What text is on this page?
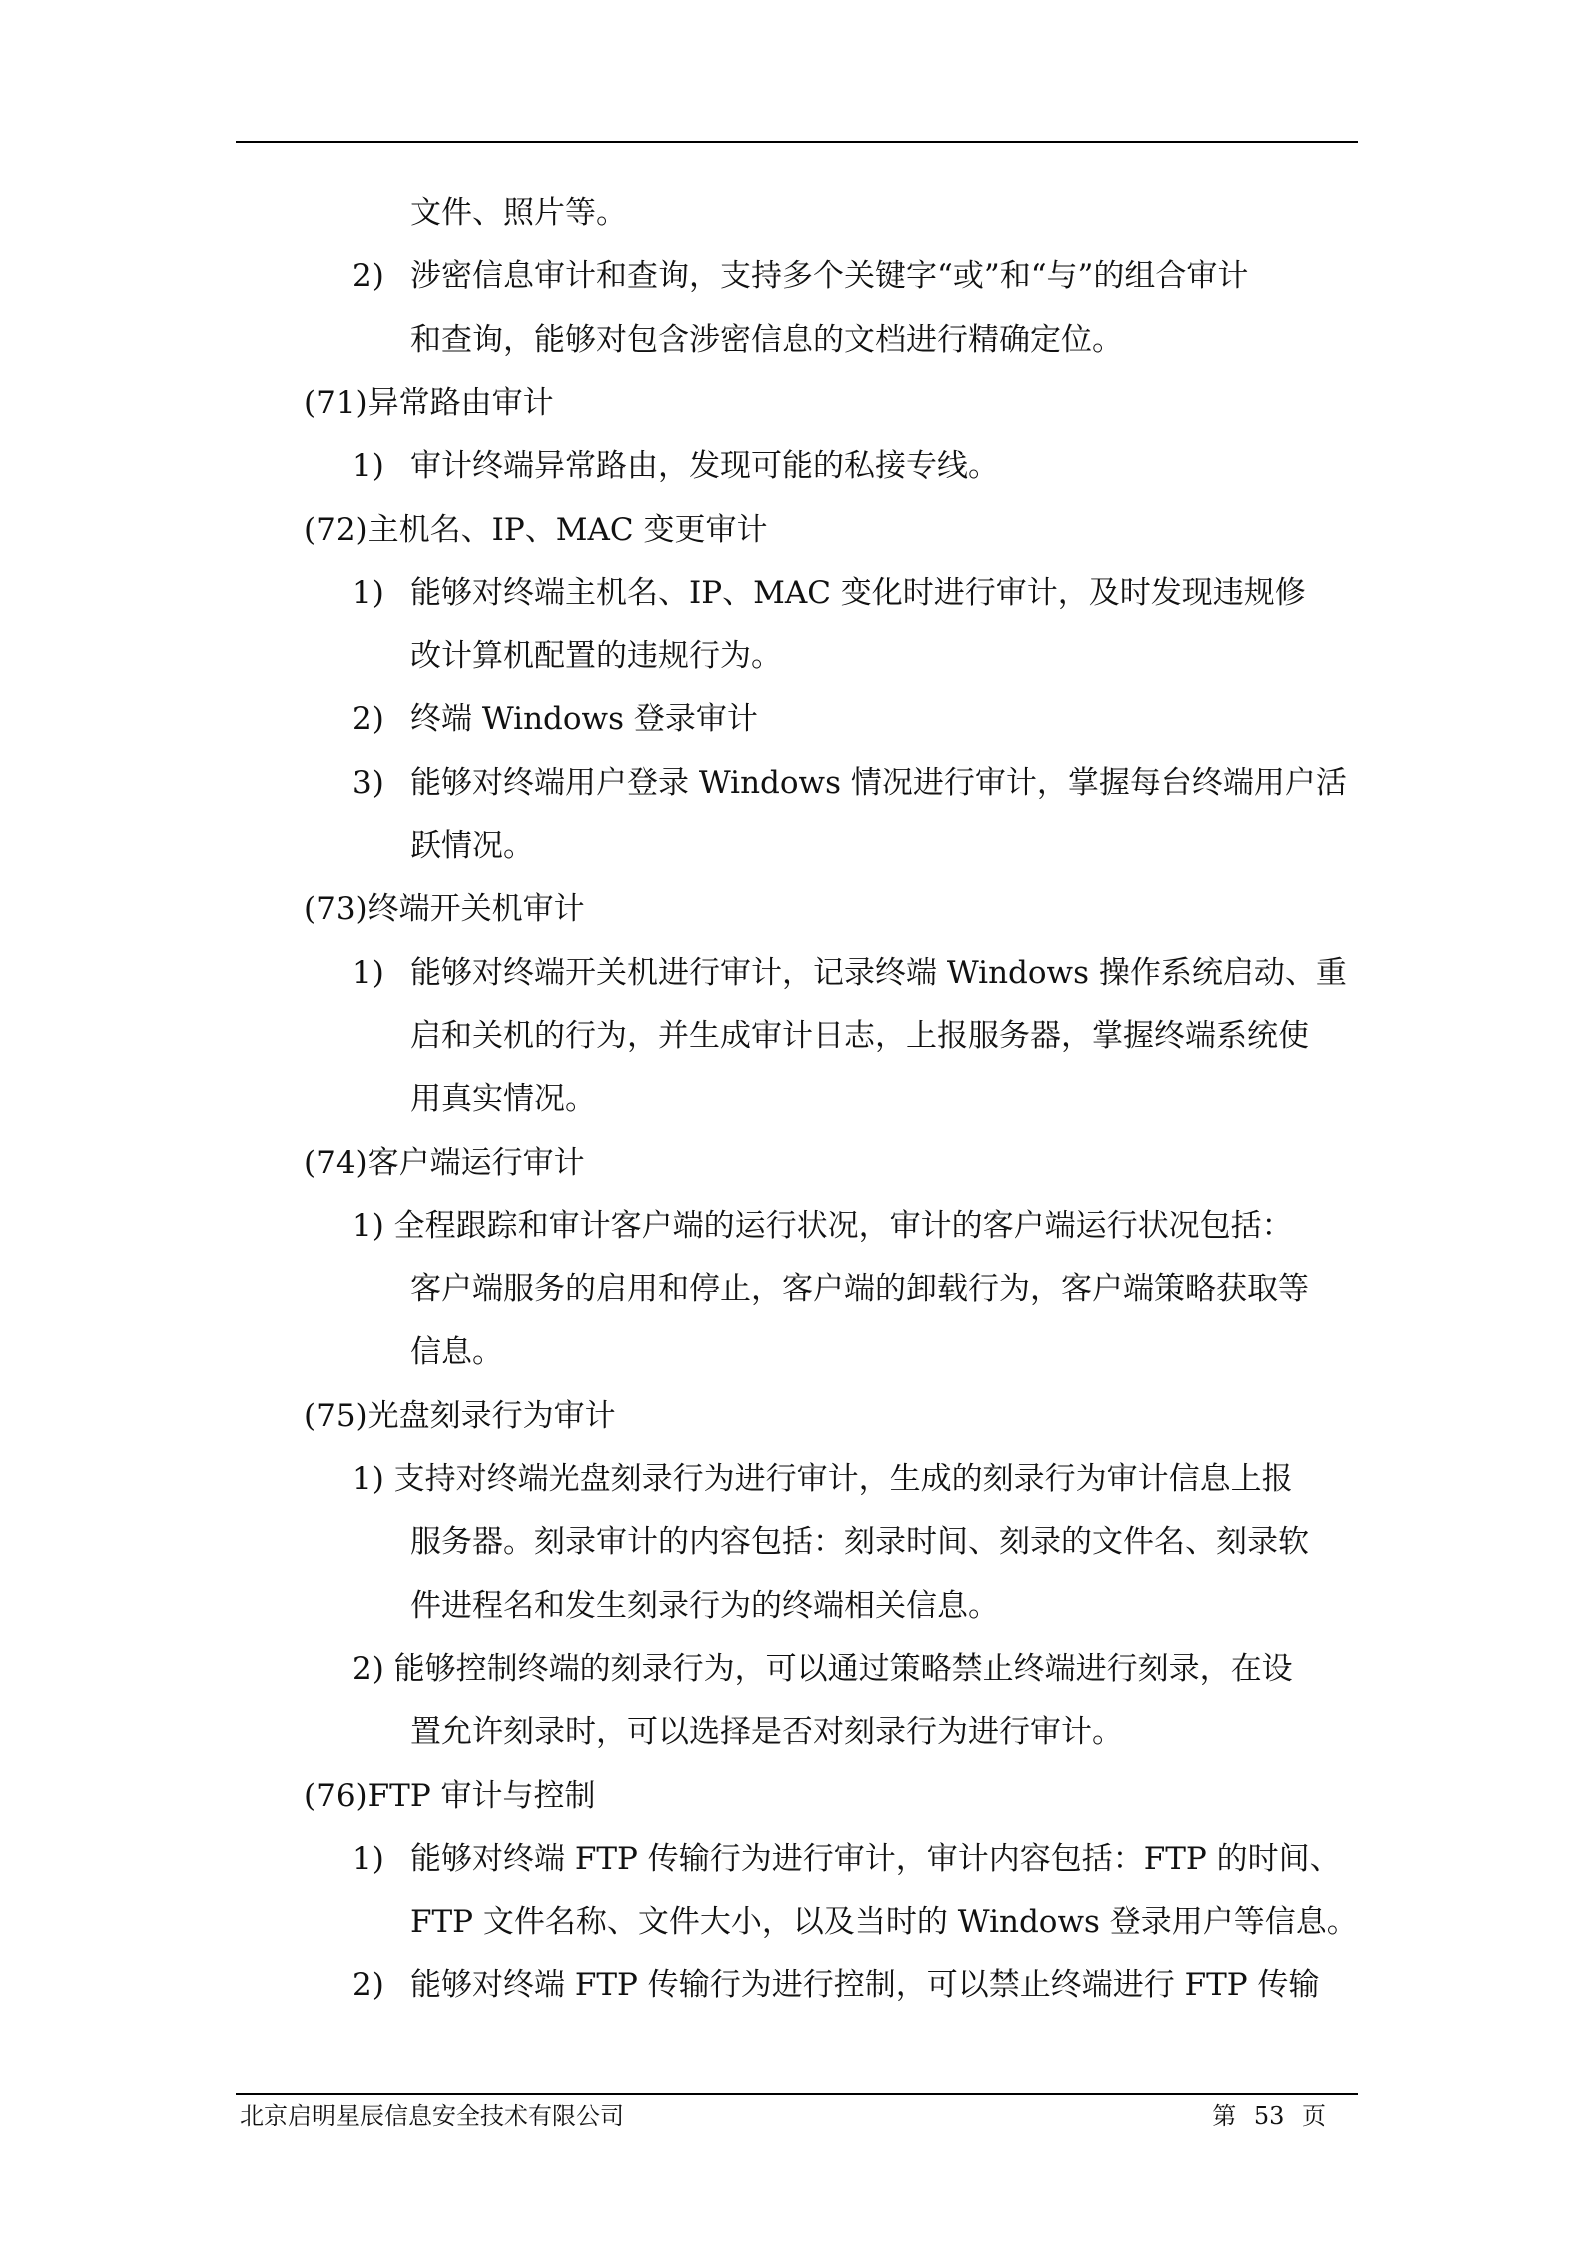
文件、照片等。
2) 涉密信息审计和查询，支持多个关键字“或”和“与”的组合审计
和查询，能够对包含涉密信息的文档进行精确定位。
(71)异常路由审计
1) 审计终端异常路由，发现可能的私接专线。
(72)主机名、IP、MAC 变更审计
1) 能够对终端主机名、IP、MAC 变化时进行审计，及时发现违规修
改计算机配置的违规行为。
2) 终端 Windows 登录审计
3) 能够对终端用户登录 Windows 情况进行审计，掌握每台终端用户活
跃情况。
(73)终端开关机审计
1) 能够对终端开关机进行审计，记录终端 Windows 操作系统启动、重
启和关机的行为，并生成审计日志，上报服务器，掌握终端系统使
用真实情况。
(74)客户端运行审计
1) 全程跟踪和审计客户端的运行状况，审计的客户端运行状况包括：
客户端服务的启用和停止，客户端的卸载行为，客户端策略获取等
信息。
(75)光盘刻录行为审计
1) 支持对终端光盘刻录行为进行审计，生成的刻录行为审计信息上报
服务器。刻录审计的内容包括：刻录时间、刻录的文件名、刻录软
件进程名和发生刻录行为的终端相关信息。
2) 能够控制终端的刻录行为，可以通过策略禁止终端进行刻录，在设
置允许刻录时，可以选择是否对刻录行为进行审计。
(76)FTP 审计与控制
1) 能够对终端 FTP 传输行为进行审计，审计内容包括：FTP 的时间、
FTP 文件名称、文件大小，以及当时的 Windows 登录用户等信息。
2) 能够对终端 FTP 传输行为进行控制，可以禁止终端进行 FTP 传输
北京启明星辰信息安全技术有限公司	第 53 页
